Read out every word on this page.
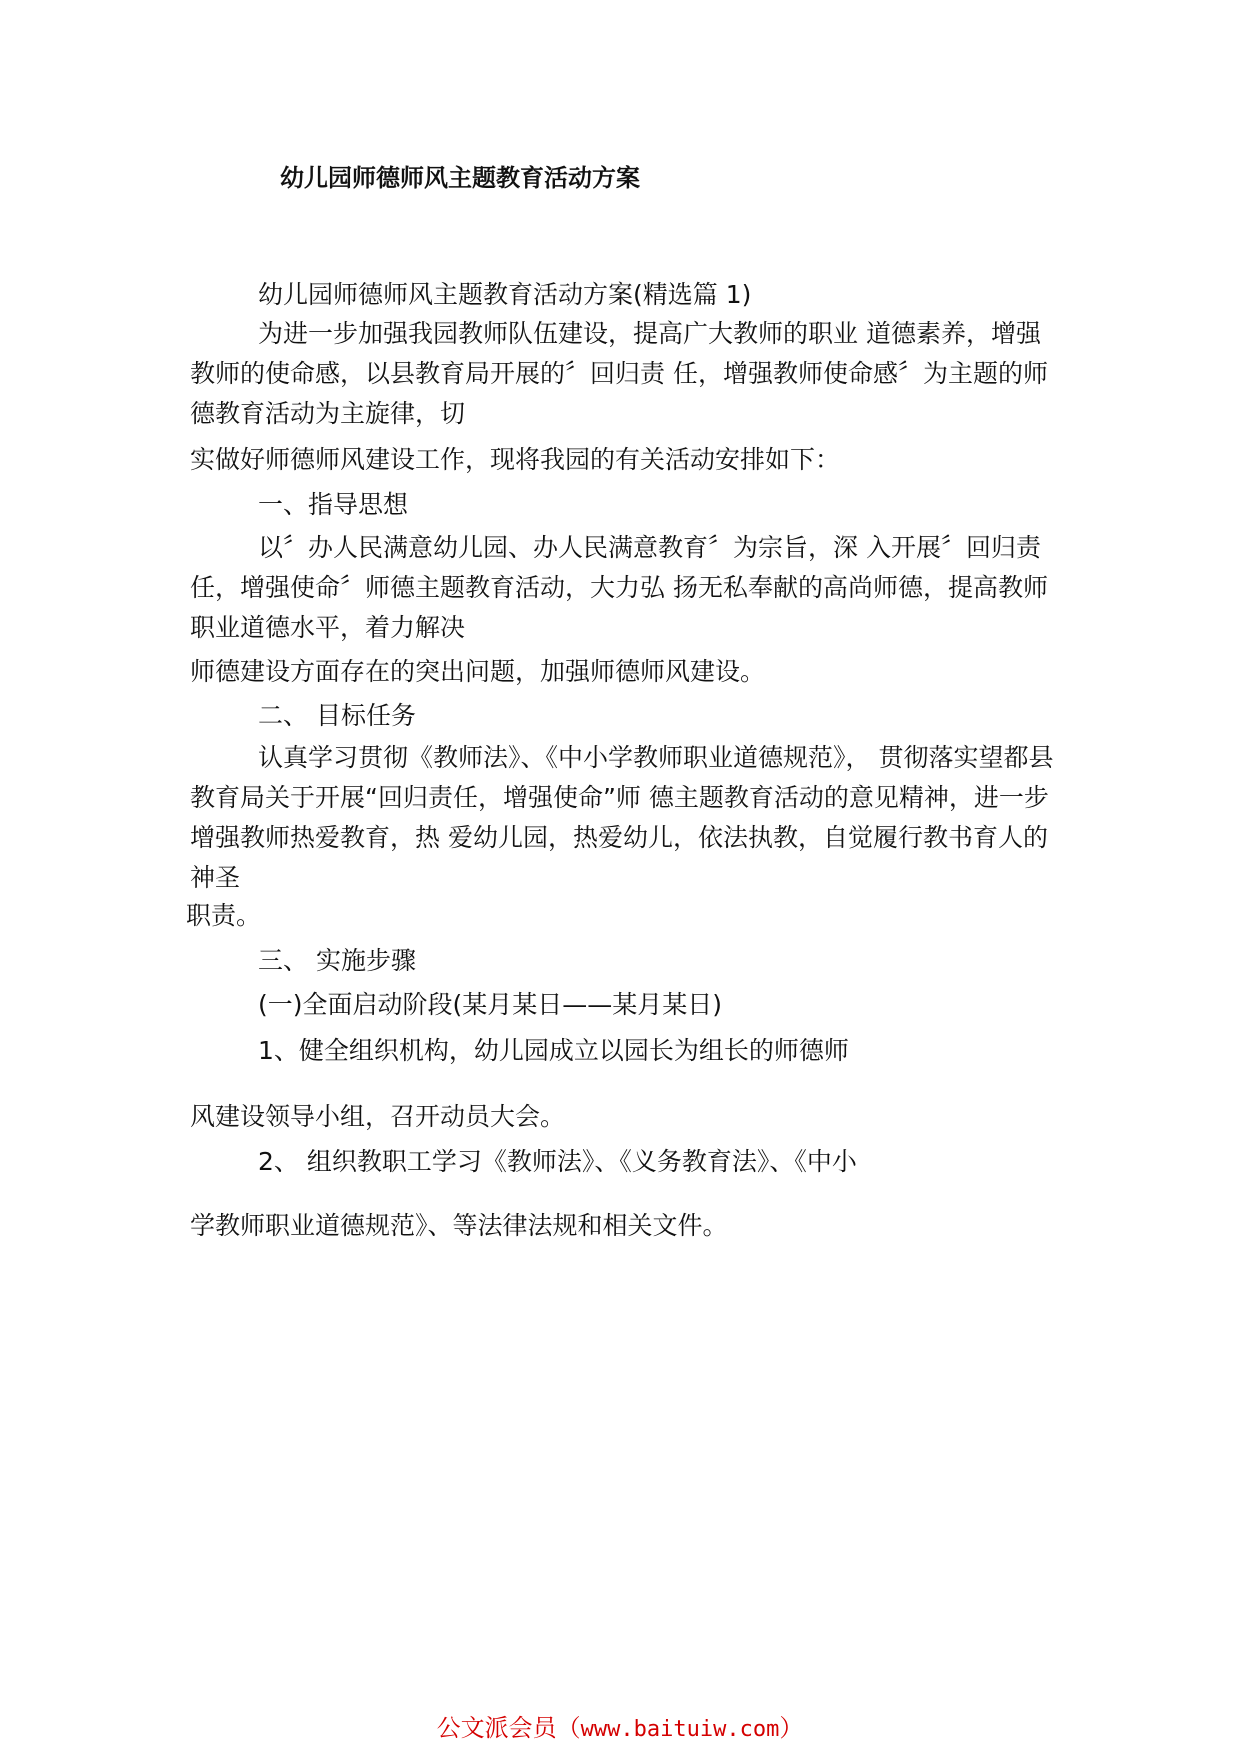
幼儿园师德师风主题教育活动方案
幼儿园师德师风主题教育活动方案(精选篇 1)
为进一步加强我园教师队伍建设，提高广大教师的职业 道德素养，增强教师的使命感，以县教育局开展的〞回归责 任，增强教师使命感〞为主题的师德教育活动为主旋律，切
实做好师德师风建设工作，现将我园的有关活动安排如下：
一、指导思想
以〞办人民满意幼儿园、办人民满意教育〞为宗旨，深 入开展〞回归责任，增强使命〞师德主题教育活动，大力弘 扬无私奉献的高尚师德，提高教师职业道德水平，着力解决
师德建设方面存在的突出问题，加强师德师风建设。
二、 目标任务
认真学习贯彻《教师法》、《中小学教师职业道德规范》， 贯彻落实望都县教育局关于开展“回归责任，增强使命”师 德主题教育活动的意见精神，进一步增强教师热爱教育，热 爱幼儿园，热爱幼儿，依法执教，自觉履行教书育人的神圣
职责。
三、 实施步骤
(一)全面启动阶段(某月某日——某月某日)
1、健全组织机构，幼儿园成立以园长为组长的师德师
风建设领导小组，召开动员大会。
2、 组织教职工学习《教师法》、《义务教育法》、《中小
学教师职业道德规范》、等法律法规和相关文件。
公文派会员（www.baituiw.com）
